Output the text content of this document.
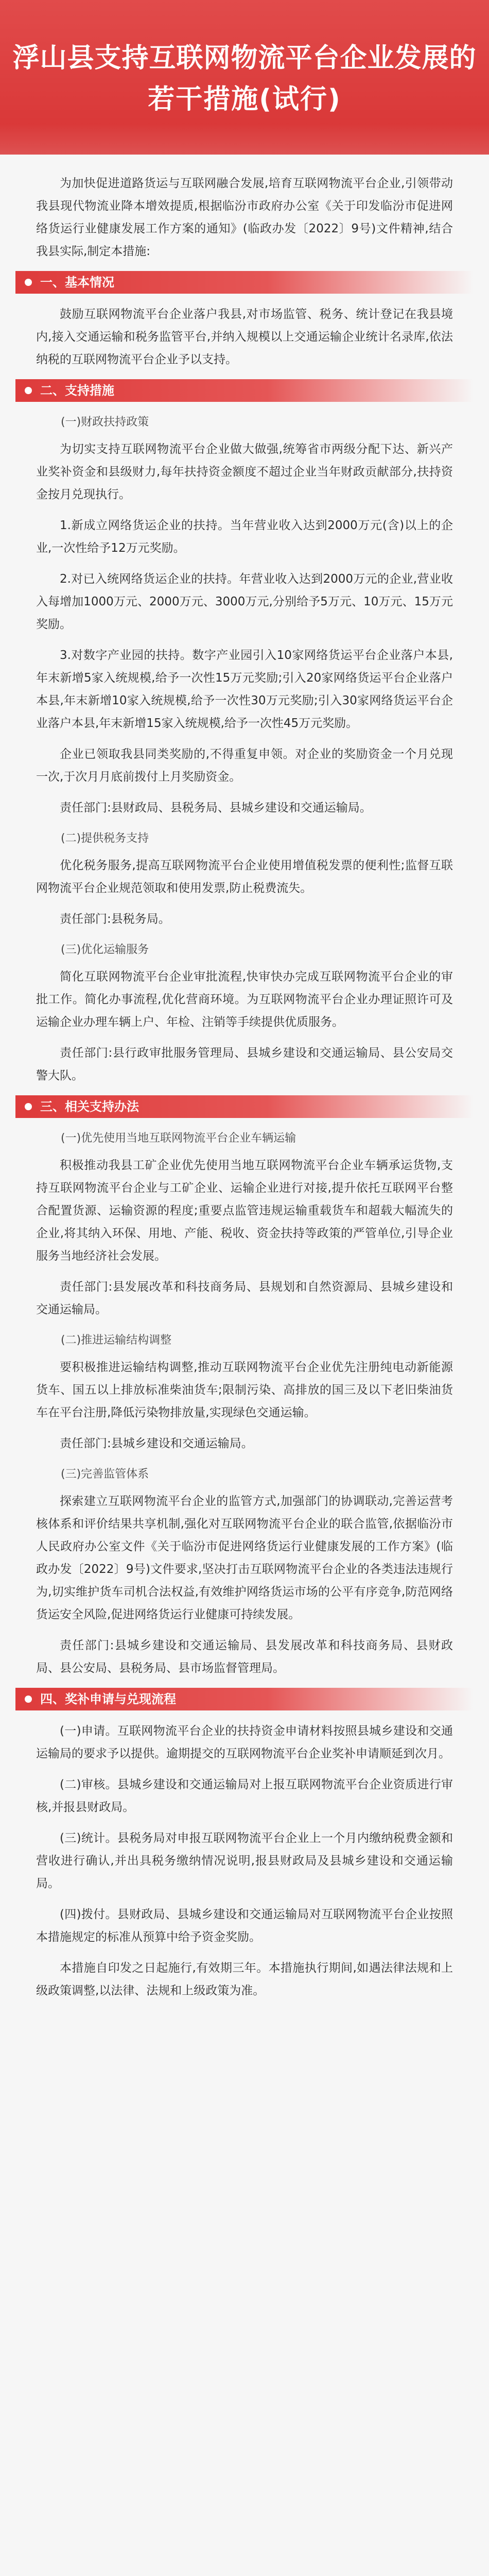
浮山县支持互联网物流平台企业发展的
若干措施(试行)

为加快促进道路货运与互联网融合发展,培育互联网物流平台企业,引领带动我县现代物流业降本增效提质,根据临汾市政府办公室《关于印发临汾市促进网络货运行业健康发展工作方案的通知》(临政办发〔2022〕9号)文件精神,结合我县实际,制定本措施:

一、基本情况

鼓励互联网物流平台企业落户我县,对市场监管、税务、统计登记在我县境内,接入交通运输和税务监管平台,并纳入规模以上交通运输企业统计名录库,依法纳税的互联网物流平台企业予以支持。

二、支持措施
(一)财政扶持政策

为切实支持互联网物流平台企业做大做强,统筹省市两级分配下达、新兴产业奖补资金和县级财力,每年扶持资金额度不超过企业当年财政贡献部分,扶持资金按月兑现执行。

1.新成立网络货运企业的扶持。当年营业收入达到2000万元(含)以上的企业,一次性给予12万元奖励。

2.对已入统网络货运企业的扶持。年营业收入达到2000万元的企业,营业收入每增加1000万元、2000万元、3000万元,分别给予5万元、10万元、15万元奖励。

3.对数字产业园的扶持。数字产业园引入10家网络货运平台企业落户本县,年末新增5家入统规模,给予一次性15万元奖励;引入20家网络货运平台企业落户本县,年末新增10家入统规模,给予一次性30万元奖励;引入30家网络货运平台企业落户本县,年末新增15家入统规模,给予一次性45万元奖励。

企业已领取我县同类奖励的,不得重复申领。对企业的奖励资金一个月兑现一次,于次月月底前拨付上月奖励资金。

责任部门:县财政局、县税务局、县城乡建设和交通运输局。

(二)提供税务支持

优化税务服务,提高互联网物流平台企业使用增值税发票的便利性;监督互联网物流平台企业规范领取和使用发票,防止税费流失。

责任部门:县税务局。

(三)优化运输服务

简化互联网物流平台企业审批流程,快审快办完成互联网物流平台企业的审批工作。简化办事流程,优化营商环境。为互联网物流平台企业办理证照许可及运输企业办理车辆上户、年检、注销等手续提供优质服务。

责任部门:县行政审批服务管理局、县城乡建设和交通运输局、县公安局交警大队。

三、相关支持办法
(一)优先使用当地互联网物流平台企业车辆运输

积极推动我县工矿企业优先使用当地互联网物流平台企业车辆承运货物,支持互联网物流平台企业与工矿企业、运输企业进行对接,提升依托互联网平台整合配置货源、运输资源的程度;重要点监管违规运输重载货车和超载大幅流失的企业,将其纳入环保、用地、产能、税收、资金扶持等政策的严管单位,引导企业服务当地经济社会发展。

责任部门:县发展改革和科技商务局、县规划和自然资源局、县城乡建设和交通运输局。

(二)推进运输结构调整

要积极推进运输结构调整,推动互联网物流平台企业优先注册纯电动新能源货车、国五以上排放标准柴油货车;限制污染、高排放的国三及以下老旧柴油货车在平台注册,降低污染物排放量,实现绿色交通运输。

责任部门:县城乡建设和交通运输局。

(三)完善监管体系

探索建立互联网物流平台企业的监管方式,加强部门的协调联动,完善运营考核体系和评价结果共享机制,强化对互联网物流平台企业的联合监管,依据临汾市人民政府办公室文件《关于临汾市促进网络货运行业健康发展的工作方案》(临政办发〔2022〕9号)文件要求,坚决打击互联网物流平台企业的各类违法违规行为,切实维护货车司机合法权益,有效维护网络货运市场的公平有序竞争,防范网络货运安全风险,促进网络货运行业健康可持续发展。

责任部门:县城乡建设和交通运输局、县发展改革和科技商务局、县财政局、县公安局、县税务局、县市场监督管理局。

四、奖补申请与兑现流程

(一)申请。互联网物流平台企业的扶持资金申请材料按照县城乡建设和交通运输局的要求予以提供。逾期提交的互联网物流平台企业奖补申请顺延到次月。

(二)审核。县城乡建设和交通运输局对上报互联网物流平台企业资质进行审核,并报县财政局。

(三)统计。县税务局对申报互联网物流平台企业上一个月内缴纳税费金额和营收进行确认,并出具税务缴纳情况说明,报县财政局及县城乡建设和交通运输局。

(四)拨付。县财政局、县城乡建设和交通运输局对互联网物流平台企业按照本措施规定的标准从预算中给予资金奖励。

本措施自印发之日起施行,有效期三年。本措施执行期间,如遇法律法规和上级政策调整,以法律、法规和上级政策为准。
